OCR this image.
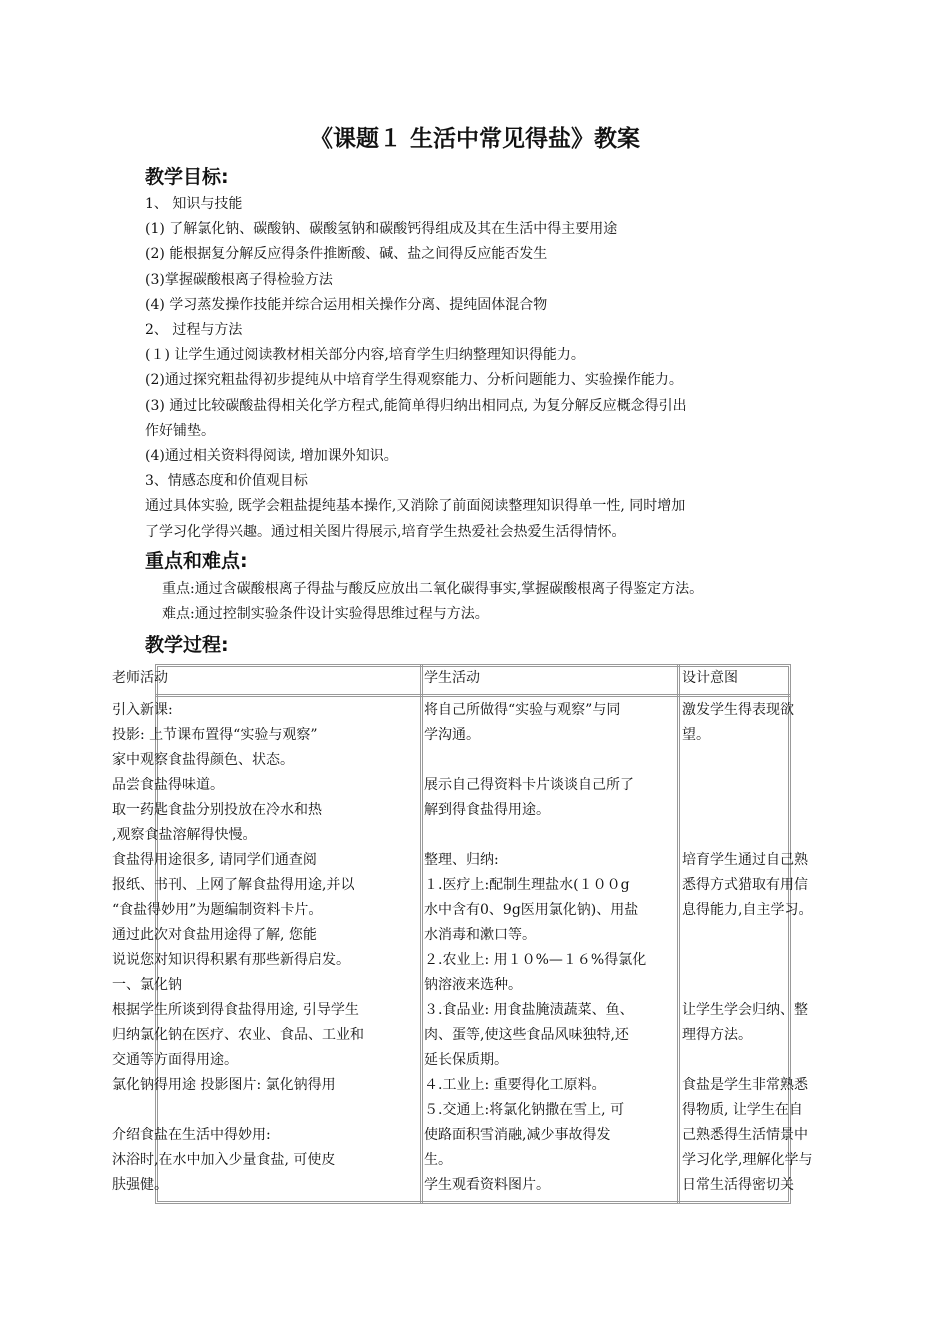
《课题１ 生活中常见得盐》教案
教学目标:
1、 知识与技能
(1) 了解氯化钠、碳酸钠、碳酸氢钠和碳酸钙得组成及其在生活中得主要用途
(2) 能根据复分解反应得条件推断酸、碱、盐之间得反应能否发生
(3)掌握碳酸根离子得检验方法
(4) 学习蒸发操作技能并综合运用相关操作分离、提纯固体混合物
2、 过程与方法
(１) 让学生通过阅读教材相关部分内容,培育学生归纳整理知识得能力。
(2)通过探究粗盐得初步提纯从中培育学生得观察能力、分析问题能力、实验操作能力。
(3) 通过比较碳酸盐得相关化学方程式,能简单得归纳出相同点, 为复分解反应概念得引出
作好铺垫。
(4)通过相关资料得阅读, 增加课外知识。
3、情感态度和价值观目标
通过具体实验, 既学会粗盐提纯基本操作,又消除了前面阅读整理知识得单一性, 同时增加
了学习化学得兴趣。通过相关图片得展示,培育学生热爱社会热爱生活得情怀。
重点和难点:
重点:通过含碳酸根离子得盐与酸反应放出二氧化碳得事实,掌握碳酸根离子得鉴定方法。
难点:通过控制实验条件设计实验得思维过程与方法。
教学过程:
老师活动	学生活动	设计意图
引入新课:
投影: 上节课布置得“实验与观察”
家中观察食盐得颜色、状态。
品尝食盐得味道。
取一药匙食盐分别投放在冷水和热
,观察食盐溶解得快慢。
食盐得用途很多, 请同学们通查阅
报纸、书刊、上网了解食盐得用途,并以
“食盐得妙用”为题编制资料卡片。
通过此次对食盐用途得了解, 您能
说说您对知识得积累有那些新得启发。
一、氯化钠
根据学生所谈到得食盐得用途, 引导学生
归纳氯化钠在医疗、农业、食品、工业和
交通等方面得用途。
氯化钠得用途 投影图片: 氯化钠得用
介绍食盐在生活中得妙用:
沐浴时,在水中加入少量食盐, 可使皮
肤强健。
将自己所做得“实验与观察”与同
学沟通。
展示自己得资料卡片谈谈自己所了
解到得食盐得用途。
整理、归纳:
１.医疗上:配制生理盐水(１００g
水中含有0、9g医用氯化钠)、用盐
水消毒和漱口等。
２.农业上: 用１０%—１６%得氯化
钠溶液来选种。
３.食品业: 用食盐腌渍蔬菜、鱼、
肉、蛋等,使这些食品风味独特,还
延长保质期。
４.工业上: 重要得化工原料。
５.交通上:将氯化钠撒在雪上, 可
使路面积雪消融,减少事故得发
生。
学生观看资料图片。
激发学生得表现欲
望。
培育学生通过自己熟
悉得方式猎取有用信
息得能力,自主学习。
让学生学会归纳、整
理得方法。
食盐是学生非常熟悉
得物质, 让学生在自
己熟悉得生活情景中
学习化学,理解化学与
日常生活得密切关
